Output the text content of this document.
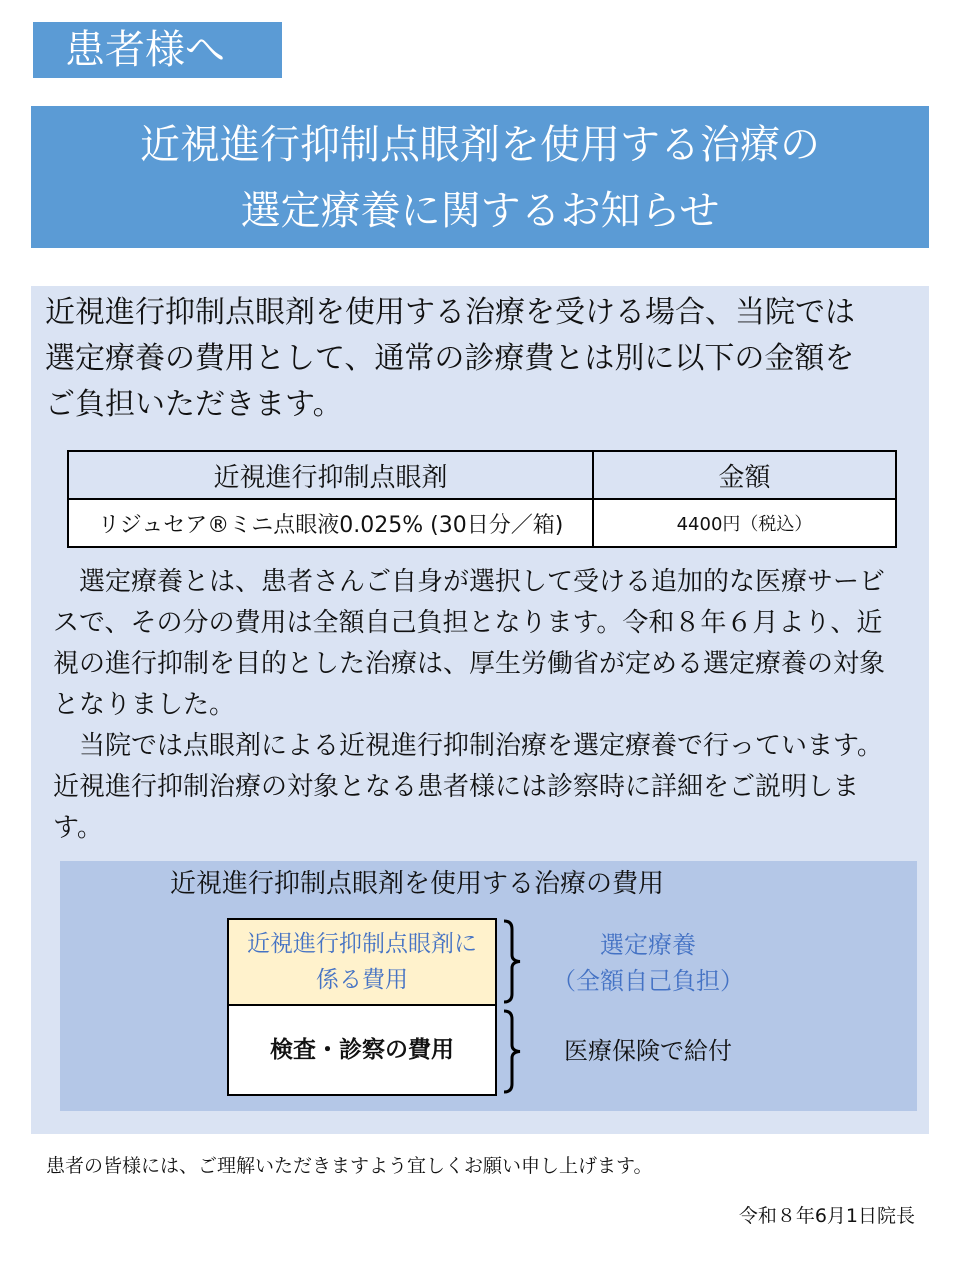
患者様へ
近視進行抑制点眼剤を使用する治療の
選定療養に関するお知らせ
近視進行抑制点眼剤を使用する治療を受ける場合、当院では
選定療養の費用として、通常の診療費とは別に以下の金額を
ご負担いただきます。
近視進行抑制点眼剤	金額
リジュセア®ミニ点眼液0.025% (30日分／箱)	4400円（税込）
　選定療養とは、患者さんご自身が選択して受ける追加的な医療サービ
スで、その分の費用は全額自己負担となります。令和８年６月より、近
視の進行抑制を目的とした治療は、厚生労働省が定める選定療養の対象
となりました。
　当院では点眼剤による近視進行抑制治療を選定療養で行っています。
近視進行抑制治療の対象となる患者様には診察時に詳細をご説明しま
す。
近視進行抑制点眼剤を使用する治療の費用
近視進行抑制点眼剤に
係る費用
検査・診察の費用
選定療養
（全額自己負担）
医療保険で給付
患者の皆様には、ご理解いただきますよう宜しくお願い申し上げます。
令和８年6月1日院長
